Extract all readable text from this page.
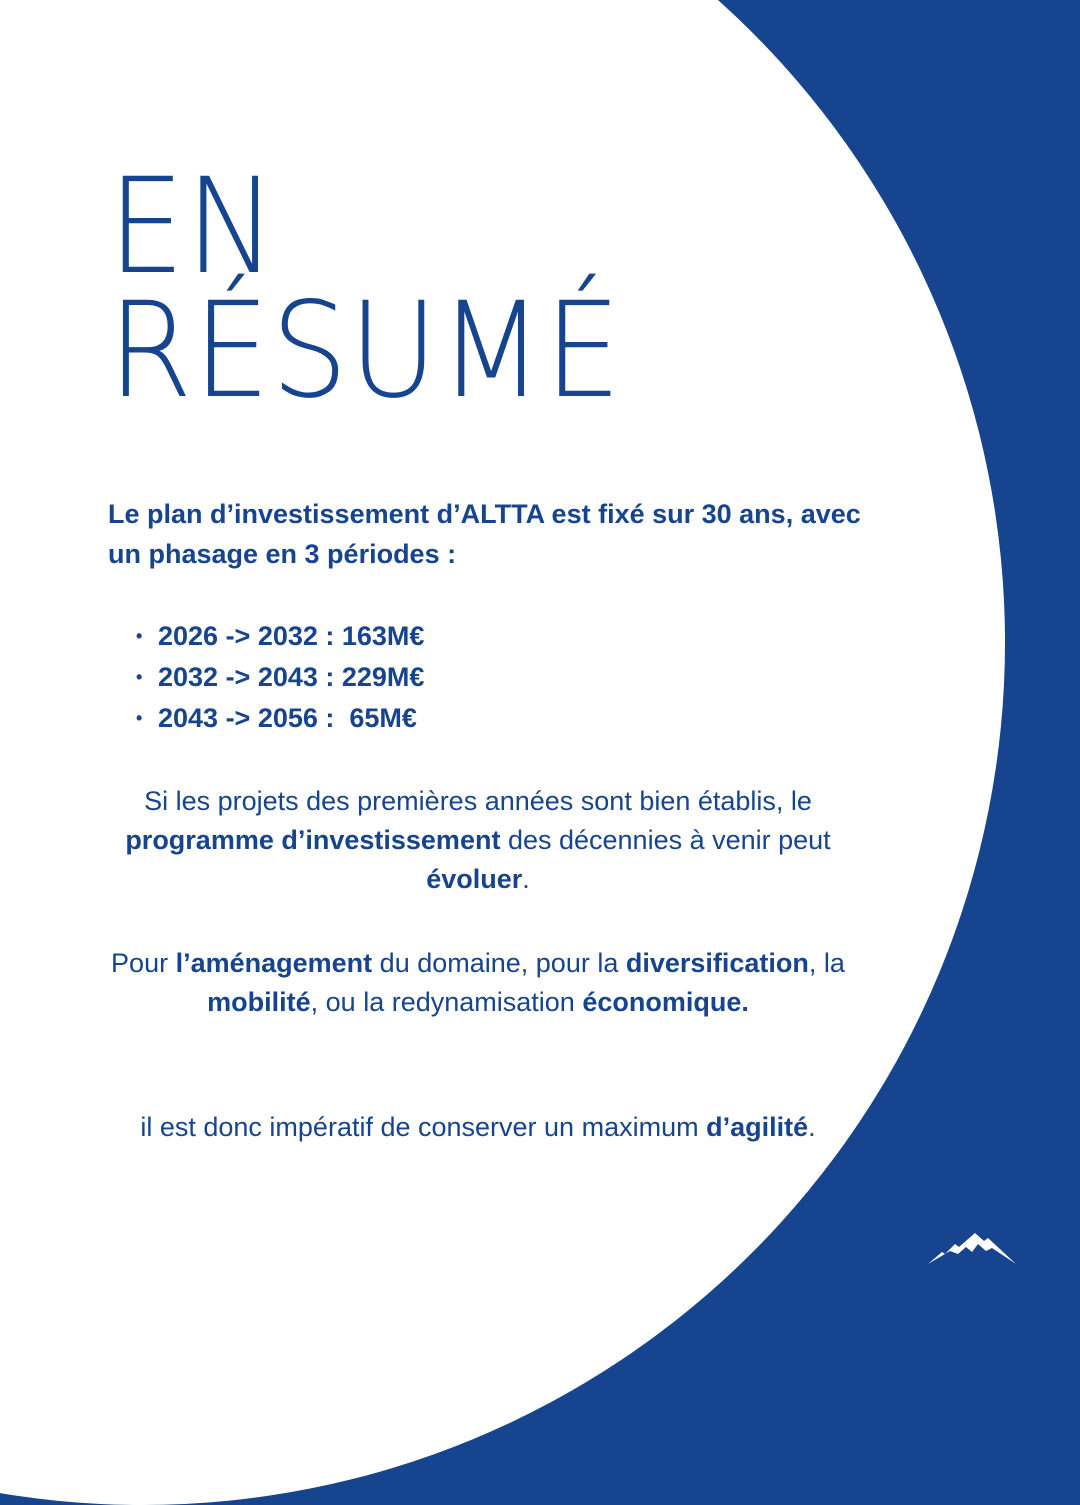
EN
RÉSUMÉ

Le plan d’investissement d’ALTTA est fixé sur 30 ans, avec un phasage en 3 périodes :

• 2026 -> 2032 : 163M€
• 2032 -> 2043 : 229M€
• 2043 -> 2056 :  65M€

Si les projets des premières années sont bien établis, le programme d’investissement des décennies à venir peut évoluer.

Pour l’aménagement du domaine, pour la diversification, la mobilité, ou la redynamisation économique.

il est donc impératif de conserver un maximum d’agilité.
